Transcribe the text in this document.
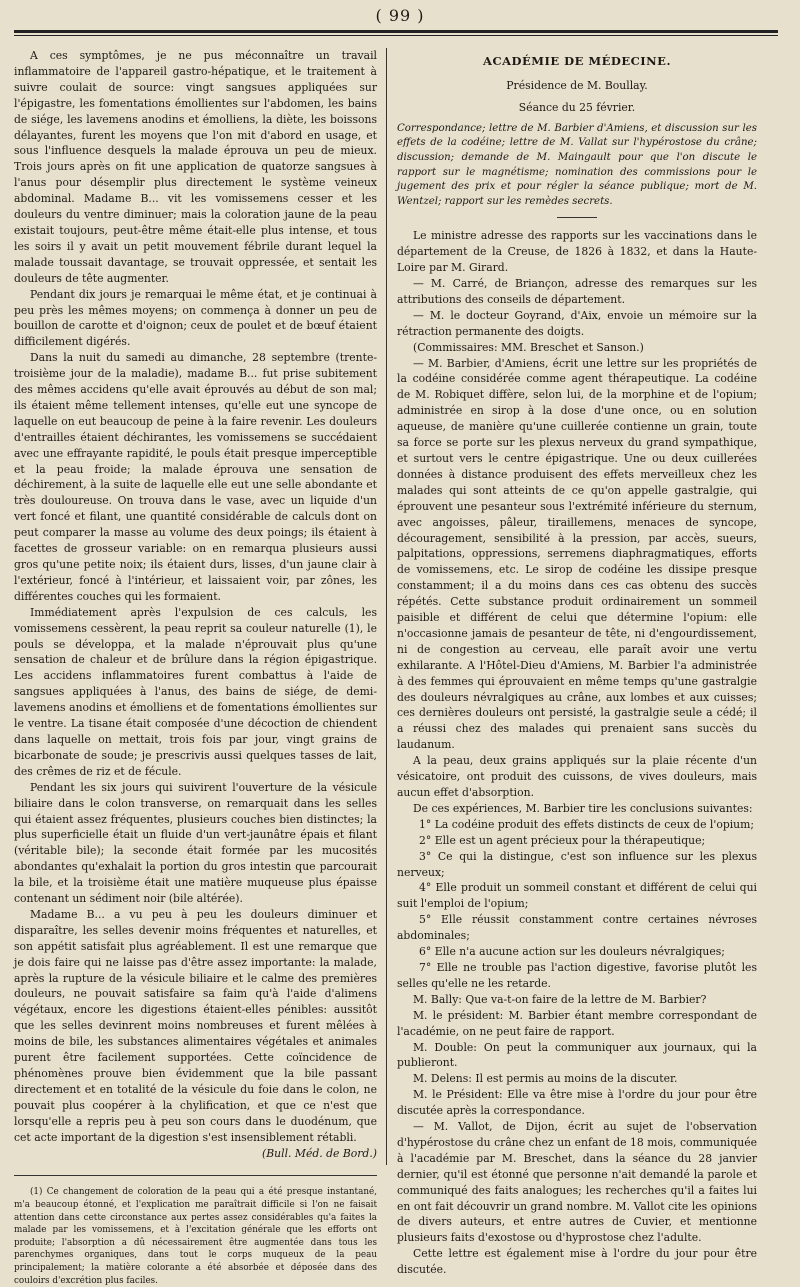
( 99 )

A ces symptômes, je ne pus méconnaître un travail inflammatoire de l'appareil gastro-hépatique, et le traitement à suivre coulait de source: vingt sangsues appliquées sur l'épigastre, les fomentations émollientes sur l'abdomen, les bains de siége, les lavemens anodins et émolliens, la diète, les boissons délayantes, furent les moyens que l'on mit d'abord en usage, et sous l'influence desquels la malade éprouva un peu de mieux. Trois jours après on fit une application de quatorze sangsues à l'anus pour désemplir plus directement le système veineux abdominal. Madame B... vit les vomissemens cesser et les douleurs du ventre diminuer; mais la coloration jaune de la peau existait toujours, peut-être même était-elle plus intense, et tous les soirs il y avait un petit mouvement fébrile durant lequel la malade toussait davantage, se trouvait oppressée, et sentait les douleurs de tête augmenter.

Pendant dix jours je remarquai le même état, et je continuai à peu près les mêmes moyens; on commença à donner un peu de bouillon de carotte et d'oignon; ceux de poulet et de bœuf étaient difficilement digérés.

Dans la nuit du samedi au dimanche, 28 septembre (trente-troisième jour de la maladie), madame B... fut prise subitement des mêmes accidens qu'elle avait éprouvés au début de son mal; ils étaient même tellement intenses, qu'elle eut une syncope de laquelle on eut beaucoup de peine à la faire revenir. Les douleurs d'entrailles étaient déchirantes, les vomissemens se succédaient avec une effrayante rapidité, le pouls était presque imperceptible et la peau froide; la malade éprouva une sensation de déchirement, à la suite de laquelle elle eut une selle abondante et très douloureuse. On trouva dans le vase, avec un liquide d'un vert foncé et filant, une quantité considérable de calculs dont on peut comparer la masse au volume des deux poings; ils étaient à facettes de grosseur variable: on en remarqua plusieurs aussi gros qu'une petite noix; ils étaient durs, lisses, d'un jaune clair à l'extérieur, foncé à l'intérieur, et laissaient voir, par zônes, les différentes couches qui les formaient.

Immédiatement après l'expulsion de ces calculs, les vomissemens cessèrent, la peau reprit sa couleur naturelle (1), le pouls se développa, et la malade n'éprouvait plus qu'une sensation de chaleur et de brûlure dans la région épigastrique. Les accidens inflammatoires furent combattus à l'aide de sangsues appliquées à l'anus, des bains de siége, de demi-lavemens anodins et émolliens et de fomentations émollientes sur le ventre. La tisane était composée d'une décoction de chiendent dans laquelle on mettait, trois fois par jour, vingt grains de bicarbonate de soude; je prescrivis aussi quelques tasses de lait, des crêmes de riz et de fécule.

Pendant les six jours qui suivirent l'ouverture de la vésicule biliaire dans le colon transverse, on remarquait dans les selles qui étaient assez fréquentes, plusieurs couches bien distinctes; la plus superficielle était un fluide d'un vert-jaunâtre épais et filant (véritable bile); la seconde était formée par les mucosités abondantes qu'exhalait la portion du gros intestin que parcourait la bile, et la troisième était une matière muqueuse plus épaisse contenant un sédiment noir (bile altérée).

Madame B... a vu peu à peu les douleurs diminuer et disparaître, les selles devenir moins fréquentes et naturelles, et son appétit satisfait plus agréablement. Il est une remarque que je dois faire qui ne laisse pas d'être assez importante: la malade, après la rupture de la vésicule biliaire et le calme des premières douleurs, ne pouvait satisfaire sa faim qu'à l'aide d'alimens végétaux, encore les digestions étaient-elles pénibles: aussitôt que les selles devinrent moins nombreuses et furent mêlées à moins de bile, les substances alimentaires végétales et animales purent être facilement supportées. Cette coïncidence de phénomènes prouve bien évidemment que la bile passant directement et en totalité de la vésicule du foie dans le colon, ne pouvait plus coopérer à la chylification, et que ce n'est que lorsqu'elle a repris peu à peu son cours dans le duodénum, que cet acte important de la digestion s'est insensiblement rétabli.

(Bull. Méd. de Bord.)

(1) Ce changement de coloration de la peau qui a été presque instantané, m'a beaucoup étonné, et l'explication me paraîtrait difficile si l'on ne faisait attention dans cette circonstance aux pertes assez considérables qu'a faites la malade par les vomissemens, et à l'excitation générale que les efforts ont produite; l'absorption a dû nécessairement être augmentée dans tous les parenchymes organiques, dans tout le corps muqueux de la peau principalement; la matière colorante a été absorbée et déposée dans des couloirs d'excrétion plus faciles.

ACADÉMIE DE MÉDECINE.
Présidence de M. Boullay.
Séance du 25 février.
Correspondance; lettre de M. Barbier d'Amiens, et discussion sur les effets de la codéine; lettre de M. Vallat sur l'hypérostose du crâne; discussion; demande de M. Maingault pour que l'on discute le rapport sur le magnétisme; nomination des commissions pour le jugement des prix et pour régler la séance publique; mort de M. Wentzel; rapport sur les remèdes secrets.

Le ministre adresse des rapports sur les vaccinations dans le département de la Creuse, de 1826 à 1832, et dans la Haute-Loire par M. Girard.

— M. Carré, de Briançon, adresse des remarques sur les attributions des conseils de département.

— M. le docteur Goyrand, d'Aix, envoie un mémoire sur la rétraction permanente des doigts.

(Commissaires: MM. Breschet et Sanson.)

— M. Barbier, d'Amiens, écrit une lettre sur les propriétés de la codéine considérée comme agent thérapeutique. La codéine de M. Robiquet diffère, selon lui, de la morphine et de l'opium; administrée en sirop à la dose d'une once, ou en solution aqueuse, de manière qu'une cuillerée contienne un grain, toute sa force se porte sur les plexus nerveux du grand sympathique, et surtout vers le centre épigastrique. Une ou deux cuillerées données à distance produisent des effets merveilleux chez les malades qui sont atteints de ce qu'on appelle gastralgie, qui éprouvent une pesanteur sous l'extrémité inférieure du sternum, avec angoisses, pâleur, tiraillemens, menaces de syncope, découragement, sensibilité à la pression, par accès, sueurs, palpitations, oppressions, serremens diaphragmatiques, efforts de vomissemens, etc. Le sirop de codéine les dissipe presque constamment; il a du moins dans ces cas obtenu des succès répétés. Cette substance produit ordinairement un sommeil paisible et différent de celui que détermine l'opium: elle n'occasionne jamais de pesanteur de tête, ni d'engourdissement, ni de congestion au cerveau, elle paraît avoir une vertu exhilarante. A l'Hôtel-Dieu d'Amiens, M. Barbier l'a administrée à des femmes qui éprouvaient en même temps qu'une gastralgie des douleurs névralgiques au crâne, aux lombes et aux cuisses; ces dernières douleurs ont persisté, la gastralgie seule a cédé; il a réussi chez des malades qui prenaient sans succès du laudanum.

A la peau, deux grains appliqués sur la plaie récente d'un vésicatoire, ont produit des cuissons, de vives douleurs, mais aucun effet d'absorption.

De ces expériences, M. Barbier tire les conclusions suivantes:

1° La codéine produit des effets distincts de ceux de l'opium;

2° Elle est un agent précieux pour la thérapeutique;

3° Ce qui la distingue, c'est son influence sur les plexus nerveux;

4° Elle produit un sommeil constant et différent de celui qui suit l'emploi de l'opium;

5° Elle réussit constamment contre certaines névroses abdominales;

6° Elle n'a aucune action sur les douleurs névralgiques;

7° Elle ne trouble pas l'action digestive, favorise plutôt les selles qu'elle ne les retarde.

M. Bally: Que va-t-on faire de la lettre de M. Barbier?

M. le président: M. Barbier étant membre correspondant de l'académie, on ne peut faire de rapport.

M. Double: On peut la communiquer aux journaux, qui la publieront.

M. Delens: Il est permis au moins de la discuter.

M. le Président: Elle va être mise à l'ordre du jour pour être discutée après la correspondance.

— M. Vallot, de Dijon, écrit au sujet de l'observation d'hypérostose du crâne chez un enfant de 18 mois, communiquée à l'académie par M. Breschet, dans la séance du 28 janvier dernier, qu'il est étonné que personne n'ait demandé la parole et communiqué des faits analogues; les recherches qu'il a faites lui en ont fait découvrir un grand nombre. M. Vallot cite les opinions de divers auteurs, et entre autres de Cuvier, et mentionne plusieurs faits d'exostose ou d'hyprostose chez l'adulte.

Cette lettre est également mise à l'ordre du jour pour être discutée.
